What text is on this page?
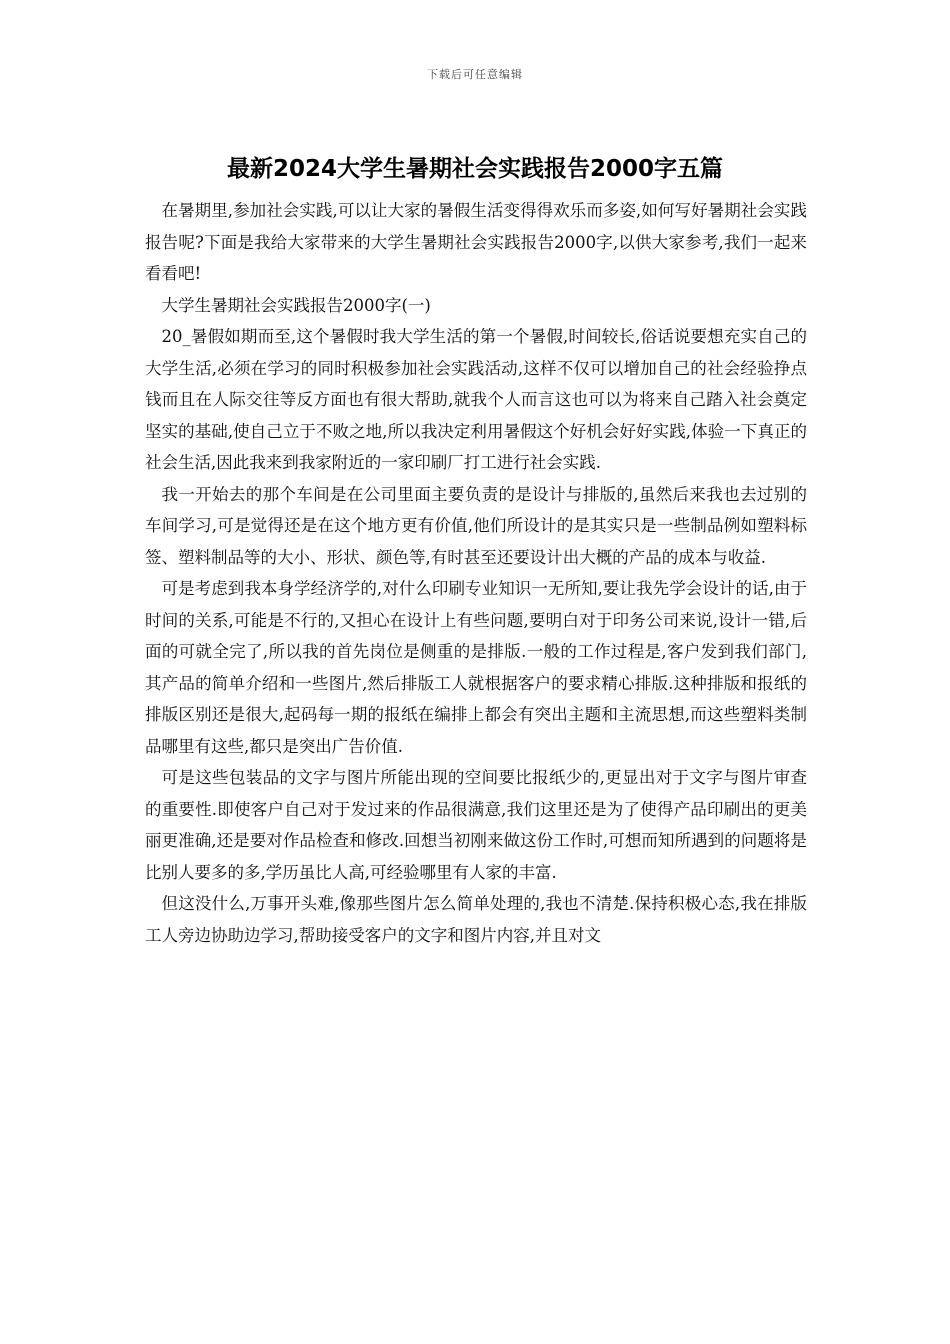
下载后可任意编辑
最新2024大学生暑期社会实践报告2000字五篇

在暑期里,参加社会实践,可以让大家的暑假生活变得得欢乐而多姿,如何写好暑期社会实践报告呢?下面是我给大家带来的大学生暑期社会实践报告2000字,以供大家参考,我们一起来看看吧!

大学生暑期社会实践报告2000字(一)

20_暑假如期而至,这个暑假时我大学生活的第一个暑假,时间较长,俗话说要想充实自己的大学生活,必须在学习的同时积极参加社会实践活动,这样不仅可以增加自己的社会经验挣点钱而且在人际交往等反方面也有很大帮助,就我个人而言这也可以为将来自己踏入社会奠定坚实的基础,使自己立于不败之地,所以我决定利用暑假这个好机会好好实践,体验一下真正的社会生活,因此我来到我家附近的一家印刷厂打工进行社会实践.

我一开始去的那个车间是在公司里面主要负责的是设计与排版的,虽然后来我也去过别的车间学习,可是觉得还是在这个地方更有价值,他们所设计的是其实只是一些制品例如塑料标签、塑料制品等的大小、形状、颜色等,有时甚至还要设计出大概的产品的成本与收益.

可是考虑到我本身学经济学的,对什么印刷专业知识一无所知,要让我先学会设计的话,由于时间的关系,可能是不行的,又担心在设计上有些问题,要明白对于印务公司来说,设计一错,后面的可就全完了,所以我的首先岗位是侧重的是排版.一般的工作过程是,客户发到我们部门,其产品的简单介绍和一些图片,然后排版工人就根据客户的要求精心排版.这种排版和报纸的排版区别还是很大,起码每一期的报纸在编排上都会有突出主题和主流思想,而这些塑料类制品哪里有这些,都只是突出广告价值.

可是这些包装品的文字与图片所能出现的空间要比报纸少的,更显出对于文字与图片审查的重要性.即使客户自己对于发过来的作品很满意,我们这里还是为了使得产品印刷出的更美丽更准确,还是要对作品检查和修改.回想当初刚来做这份工作时,可想而知所遇到的问题将是比别人要多的多,学历虽比人高,可经验哪里有人家的丰富.

但这没什么,万事开头难,像那些图片怎么简单处理的,我也不清楚.保持积极心态,我在排版工人旁边协助边学习,帮助接受客户的文字和图片内容,并且对文
